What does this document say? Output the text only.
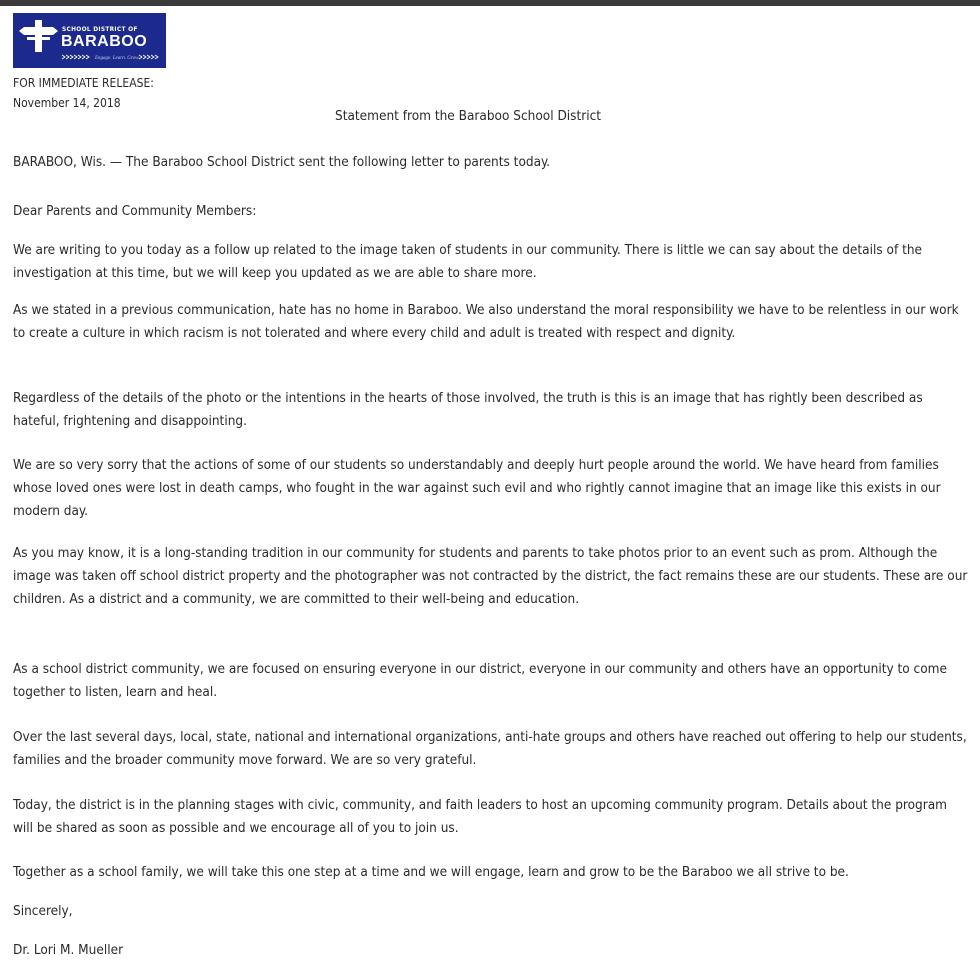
SCHOOL DISTRICT OF
BARABOO
Engage. Learn. Grow.
FOR IMMEDIATE RELEASE:
November 14, 2018
Statement from the Baraboo School District

BARABOO, Wis. — The Baraboo School District sent the following letter to parents today.

Dear Parents and Community Members:

We are writing to you today as a follow up related to the image taken of students in our community. There is little we can say about the details of the investigation at this time, but we will keep you updated as we are able to share more.

As we stated in a previous communication, hate has no home in Baraboo. We also understand the moral responsibility we have to be relentless in our work to create a culture in which racism is not tolerated and where every child and adult is treated with respect and dignity.

Regardless of the details of the photo or the intentions in the hearts of those involved, the truth is this is an image that has rightly been described as hateful, frightening and disappointing.

We are so very sorry that the actions of some of our students so understandably and deeply hurt people around the world. We have heard from families whose loved ones were lost in death camps, who fought in the war against such evil and who rightly cannot imagine that an image like this exists in our modern day.

As you may know, it is a long-standing tradition in our community for students and parents to take photos prior to an event such as prom. Although the image was taken off school district property and the photographer was not contracted by the district, the fact remains these are our students. These are our children. As a district and a community, we are committed to their well-being and education.

As a school district community, we are focused on ensuring everyone in our district, everyone in our community and others have an opportunity to come together to listen, learn and heal.

Over the last several days, local, state, national and international organizations, anti-hate groups and others have reached out offering to help our students, families and the broader community move forward. We are so very grateful.

Today, the district is in the planning stages with civic, community, and faith leaders to host an upcoming community program. Details about the program will be shared as soon as possible and we encourage all of you to join us.

Together as a school family, we will take this one step at a time and we will engage, learn and grow to be the Baraboo we all strive to be.

Sincerely,

Dr. Lori M. Mueller
